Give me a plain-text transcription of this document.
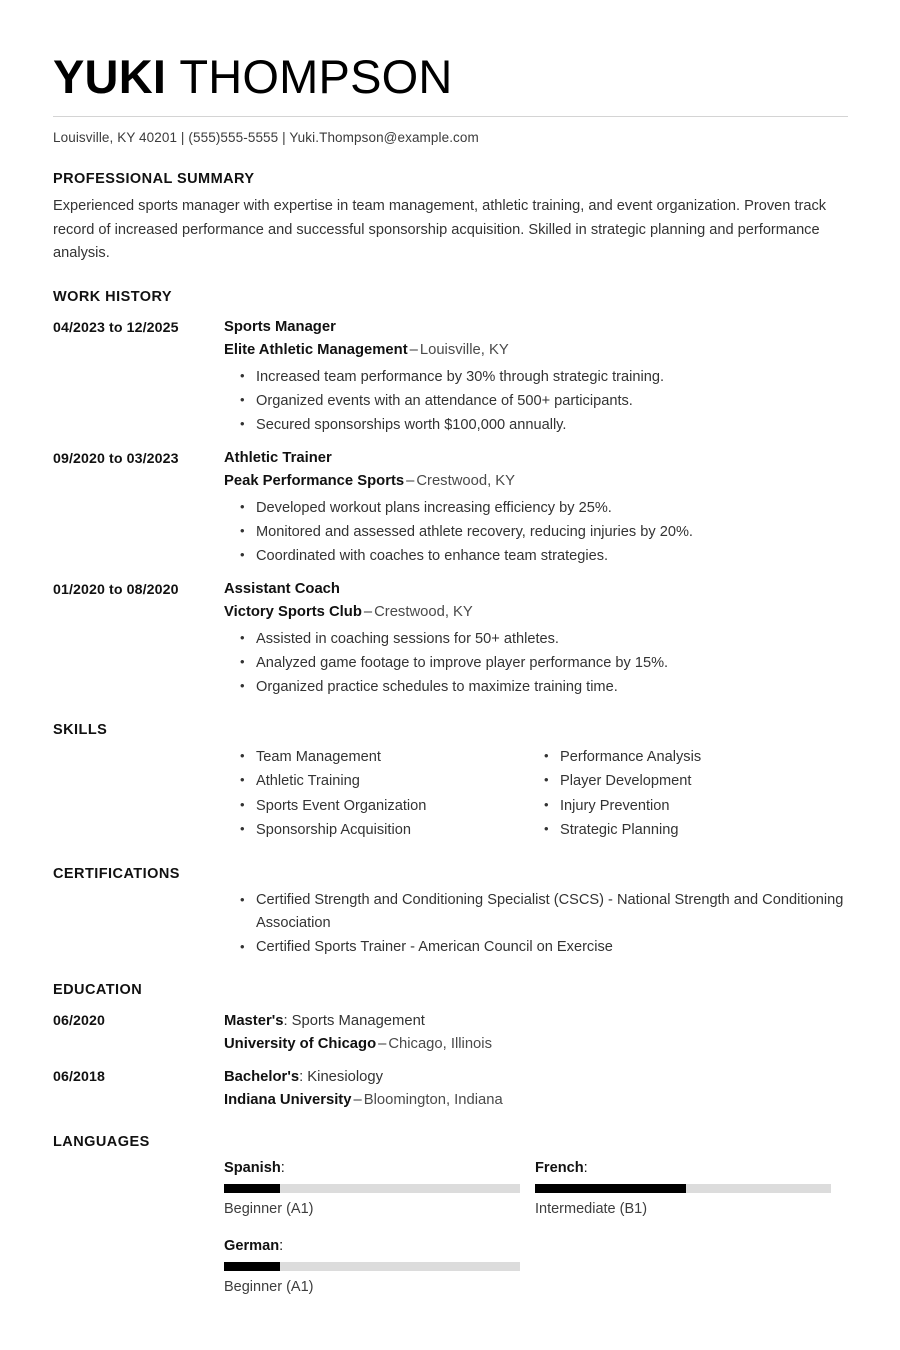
YUKI THOMPSON
Louisville, KY 40201 | (555)555-5555 | Yuki.Thompson@example.com
PROFESSIONAL SUMMARY
Experienced sports manager with expertise in team management, athletic training, and event organization. Proven track record of increased performance and successful sponsorship acquisition. Skilled in strategic planning and performance analysis.
WORK HISTORY
04/2023 to 12/2025	Sports Manager
Elite Athletic Management – Louisville, KY
• Increased team performance by 30% through strategic training.
• Organized events with an attendance of 500+ participants.
• Secured sponsorships worth $100,000 annually.
09/2020 to 03/2023	Athletic Trainer
Peak Performance Sports – Crestwood, KY
• Developed workout plans increasing efficiency by 25%.
• Monitored and assessed athlete recovery, reducing injuries by 20%.
• Coordinated with coaches to enhance team strategies.
01/2020 to 08/2020	Assistant Coach
Victory Sports Club – Crestwood, KY
• Assisted in coaching sessions for 50+ athletes.
• Analyzed game footage to improve player performance by 15%.
• Organized practice schedules to maximize training time.
SKILLS
• Team Management
• Athletic Training
• Sports Event Organization
• Sponsorship Acquisition
• Performance Analysis
• Player Development
• Injury Prevention
• Strategic Planning
CERTIFICATIONS
• Certified Strength and Conditioning Specialist (CSCS) - National Strength and Conditioning Association
• Certified Sports Trainer - American Council on Exercise
EDUCATION
06/2020	Master's: Sports Management
University of Chicago – Chicago, Illinois
06/2018	Bachelor's: Kinesiology
Indiana University – Bloomington, Indiana
LANGUAGES
Spanish:
Beginner (A1)
French:
Intermediate (B1)
German:
Beginner (A1)
